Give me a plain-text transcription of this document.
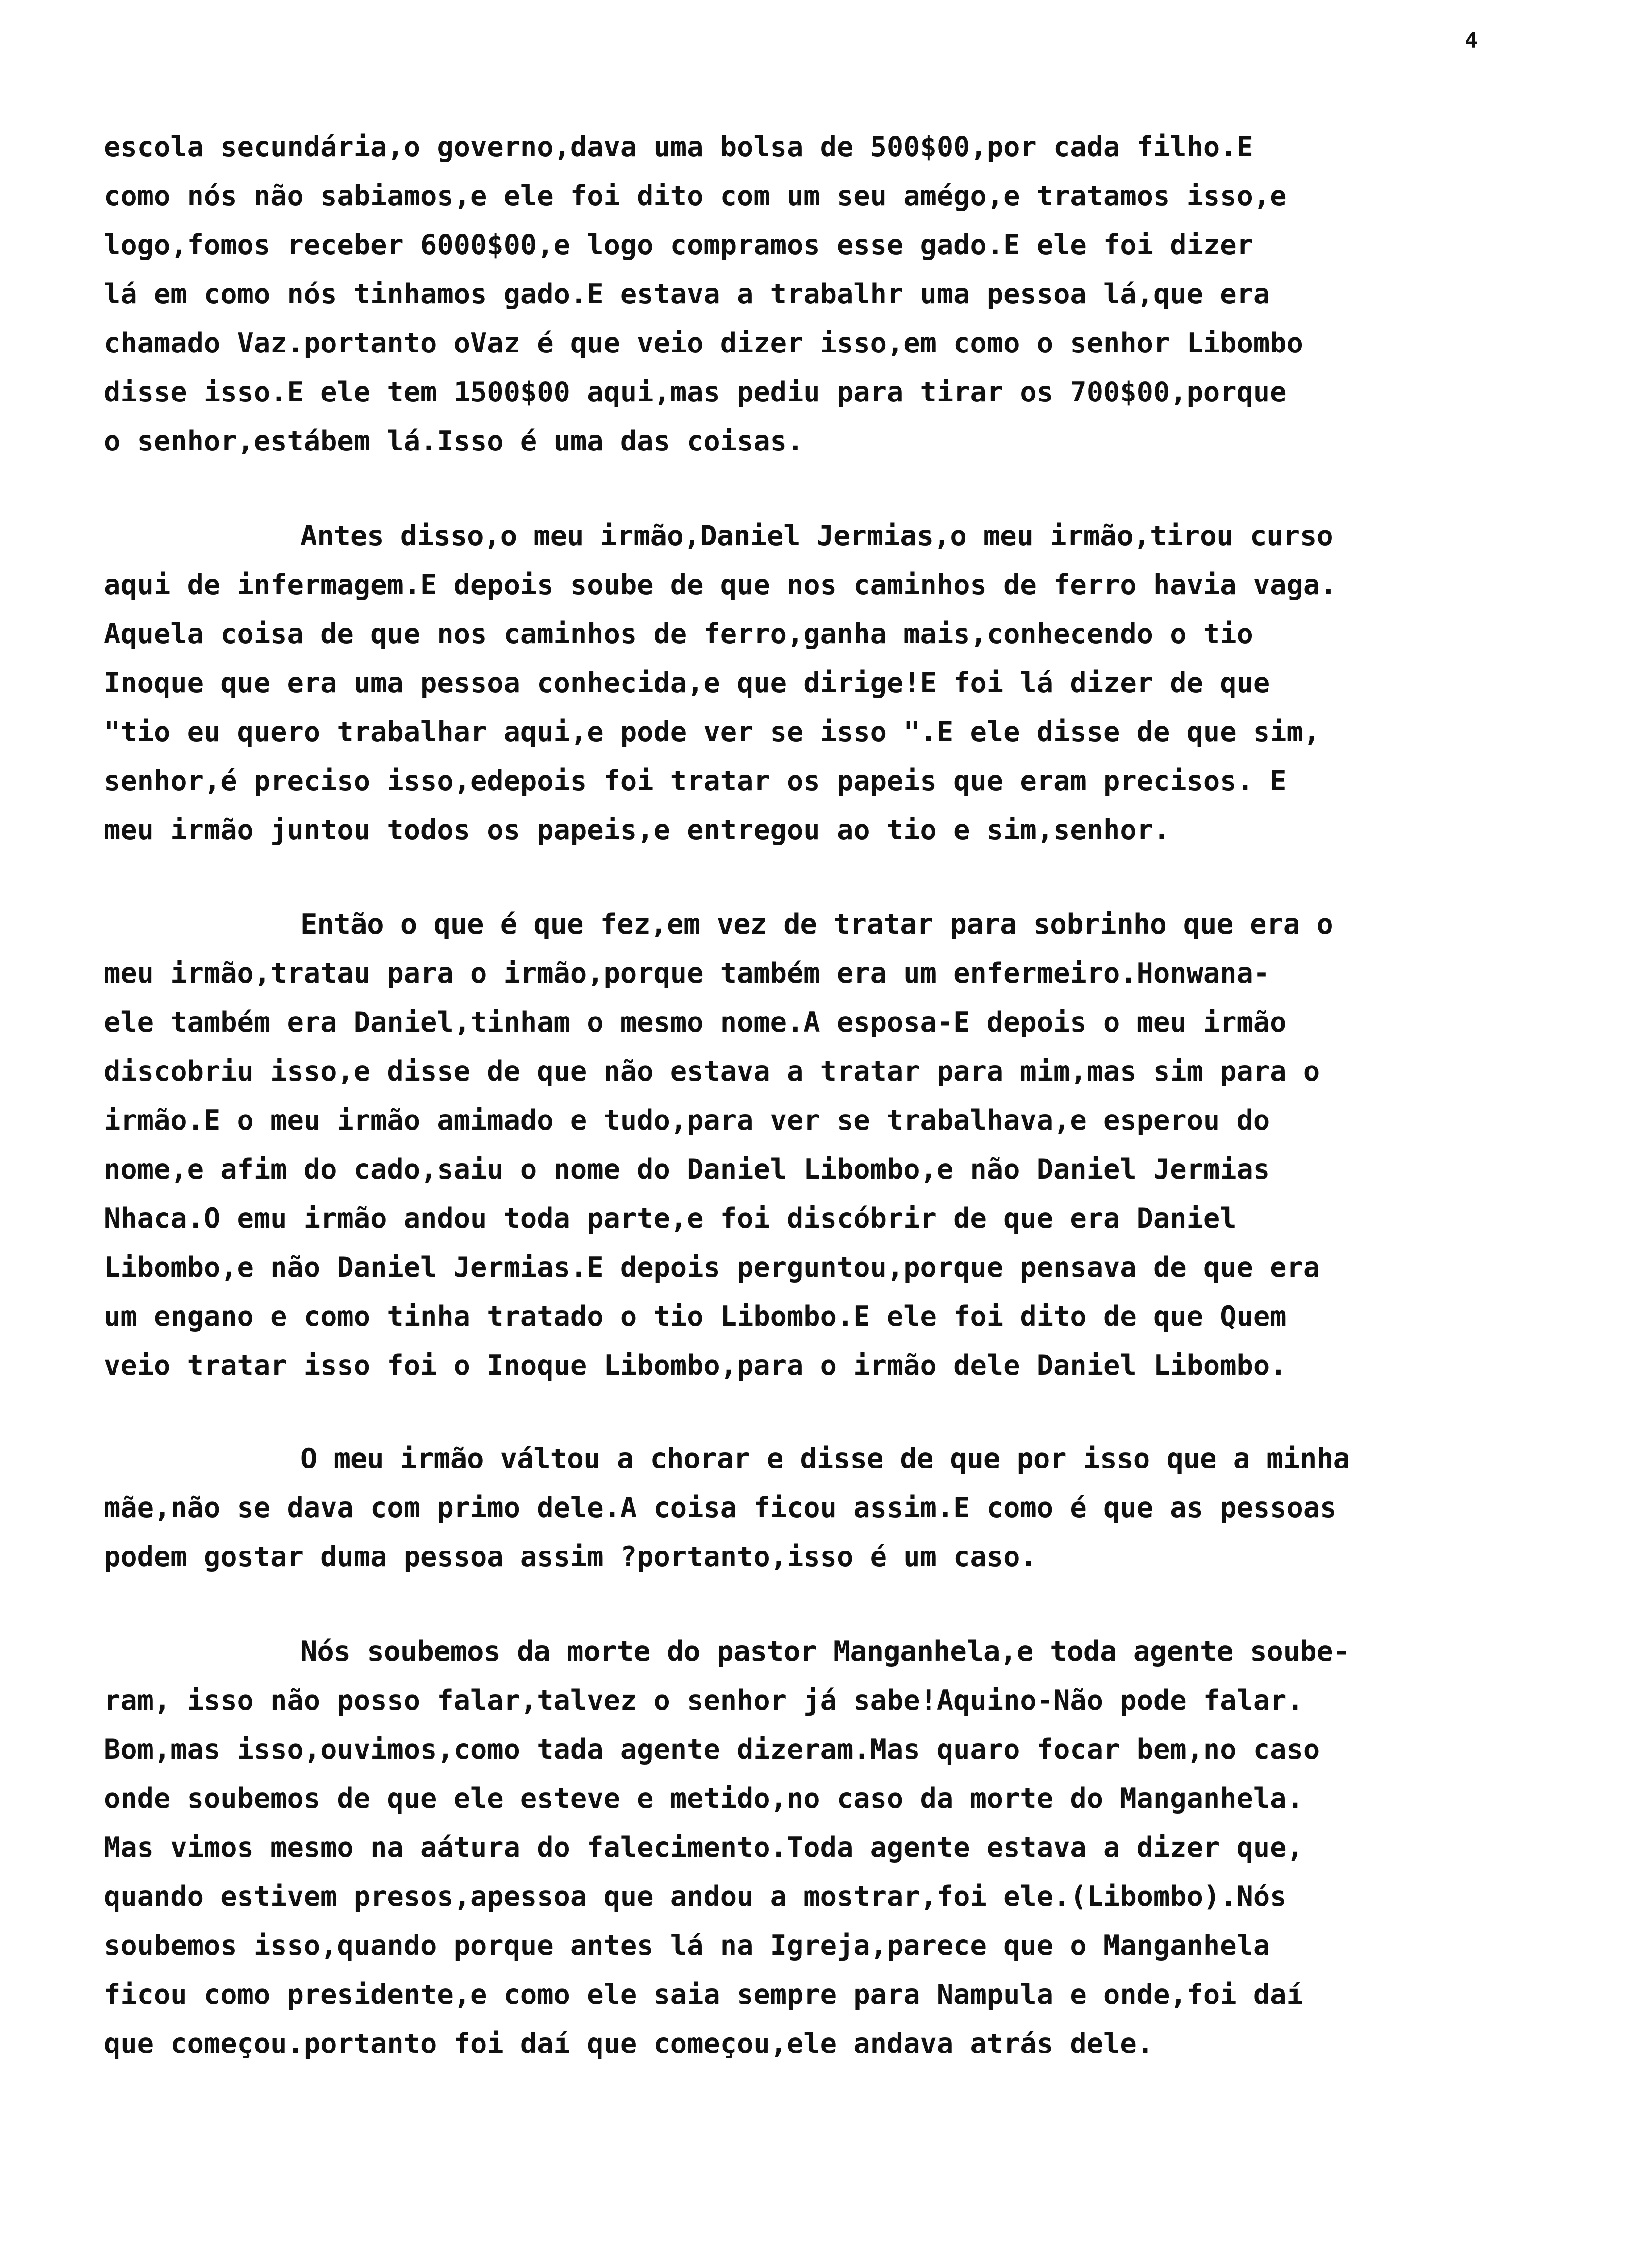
4
escola secundária,o governo,dava uma bolsa de 500$00,por cada filho.E
como nós não sabiamos,e ele foi dito com um seu amégo,e tratamos isso,e
logo,fomos receber 6000$00,e logo compramos esse gado.E ele foi dizer
lá em como nós tinhamos gado.E estava a trabalhr uma pessoa lá,que era
chamado Vaz.portanto oVaz é que veio dizer isso,em como o senhor Libombo
disse isso.E ele tem 1500$00 aqui,mas pediu para tirar os 700$00,porque
o senhor,estábem lá.Isso é uma das coisas.
Antes disso,o meu irmão,Daniel Jermias,o meu irmão,tirou curso
aqui de infermagem.E depois soube de que nos caminhos de ferro havia vaga.
Aquela coisa de que nos caminhos de ferro,ganha mais,conhecendo o tio
Inoque que era uma pessoa conhecida,e que dirige!E foi lá dizer de que
"tio eu quero trabalhar aqui,e pode ver se isso ".E ele disse de que sim,
senhor,é preciso isso,edepois foi tratar os papeis que eram precisos. E
meu irmão juntou todos os papeis,e entregou ao tio e sim,senhor.
Então o que é que fez,em vez de tratar para sobrinho que era o
meu irmão,tratau para o irmão,porque também era um enfermeiro.Honwana-
ele também era Daniel,tinham o mesmo nome.A esposa-E depois o meu irmão
discobriu isso,e disse de que não estava a tratar para mim,mas sim para o
irmão.E o meu irmão amimado e tudo,para ver se trabalhava,e esperou do
nome,e afim do cado,saiu o nome do Daniel Libombo,e não Daniel Jermias
Nhaca.O emu irmão andou toda parte,e foi discóbrir de que era Daniel
Libombo,e não Daniel Jermias.E depois perguntou,porque pensava de que era
um engano e como tinha tratado o tio Libombo.E ele foi dito de que Quem
veio tratar isso foi o Inoque Libombo,para o irmão dele Daniel Libombo.
O meu irmão váltou a chorar e disse de que por isso que a minha
mãe,não se dava com primo dele.A coisa ficou assim.E como é que as pessoas
podem gostar duma pessoa assim ?portanto,isso é um caso.
Nós soubemos da morte do pastor Manganhela,e toda agente soube-
ram, isso não posso falar,talvez o senhor já sabe!Aquino-Não pode falar.
Bom,mas isso,ouvimos,como tada agente dizeram.Mas quaro focar bem,no caso
onde soubemos de que ele esteve e metido,no caso da morte do Manganhela.
Mas vimos mesmo na aátura do falecimento.Toda agente estava a dizer que,
quando estivem presos,apessoa que andou a mostrar,foi ele.(Libombo).Nós
soubemos isso,quando porque antes lá na Igreja,parece que o Manganhela
ficou como presidente,e como ele saia sempre para Nampula e onde,foi daí
que começou.portanto foi daí que começou,ele andava atrás dele.
